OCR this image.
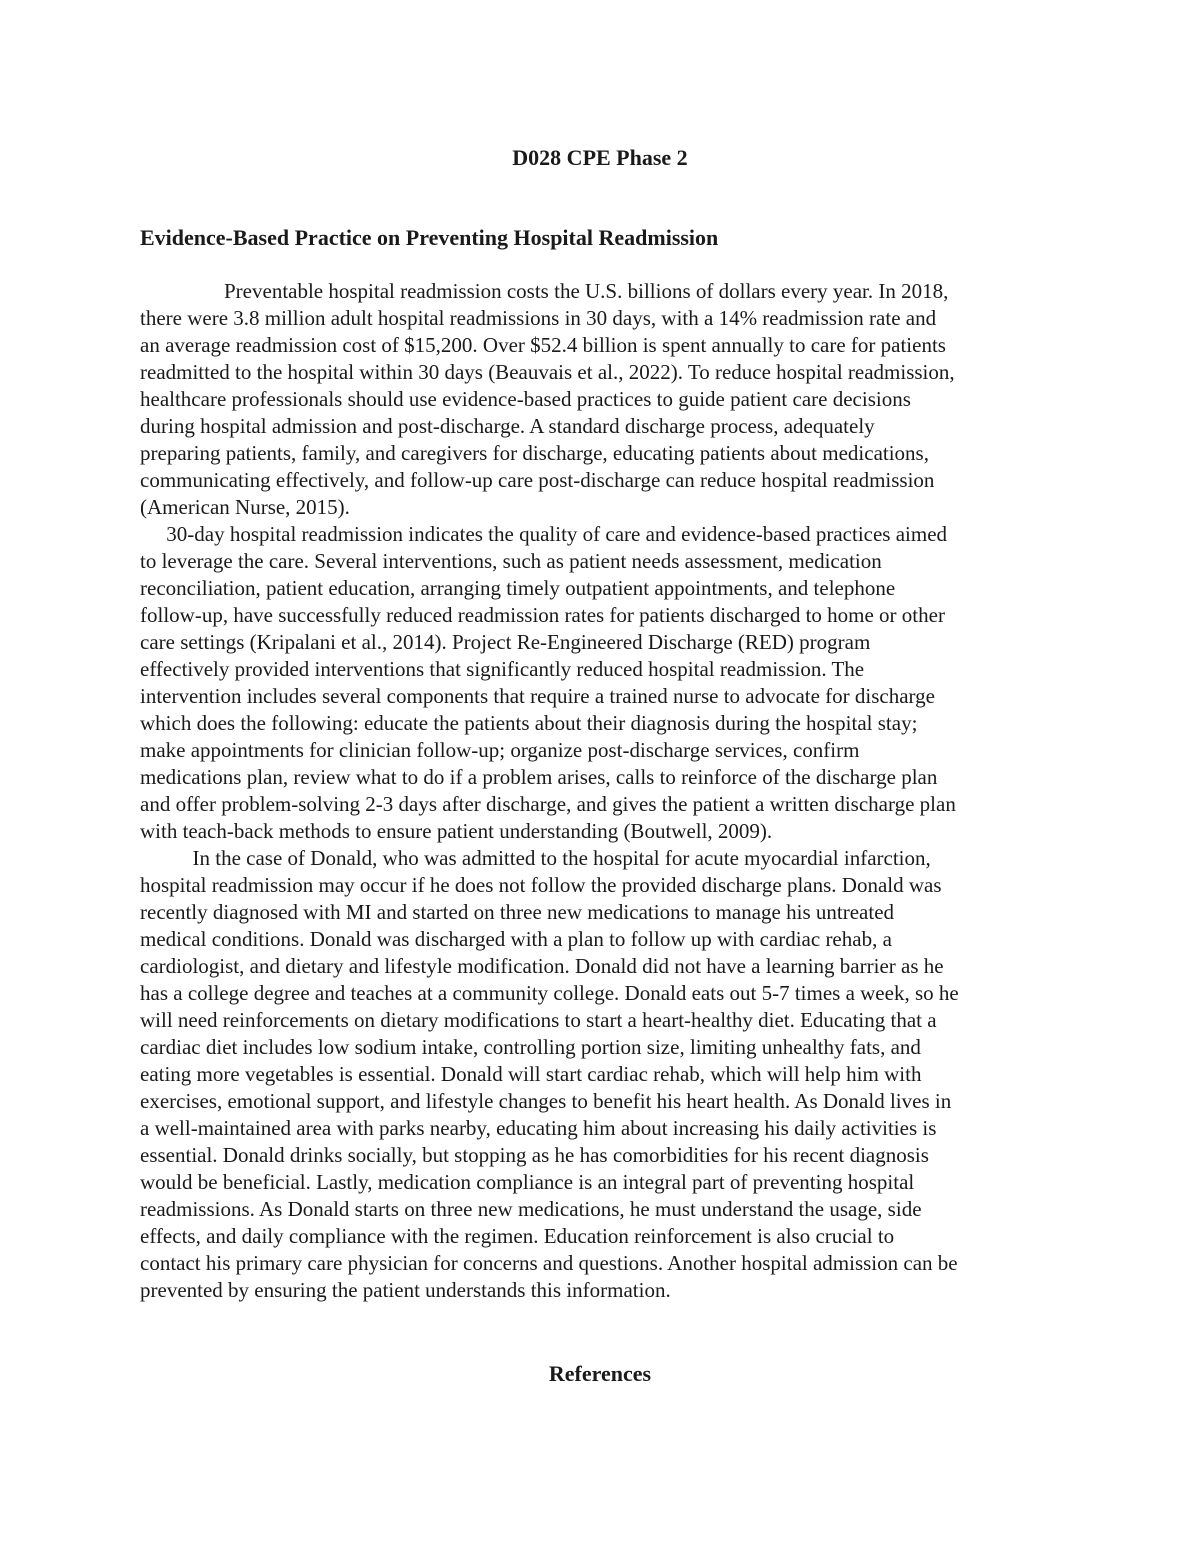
D028 CPE Phase 2
Evidence-Based Practice on Preventing Hospital Readmission
Preventable hospital readmission costs the U.S. billions of dollars every year. In 2018,
there were 3.8 million adult hospital readmissions in 30 days, with a 14% readmission rate and
an average readmission cost of $15,200. Over $52.4 billion is spent annually to care for patients
readmitted to the hospital within 30 days (Beauvais et al., 2022). To reduce hospital readmission,
healthcare professionals should use evidence-based practices to guide patient care decisions
during hospital admission and post-discharge. A standard discharge process, adequately
preparing patients, family, and caregivers for discharge, educating patients about medications,
communicating effectively, and follow-up care post-discharge can reduce hospital readmission
(American Nurse, 2015).
30-day hospital readmission indicates the quality of care and evidence-based practices aimed
to leverage the care. Several interventions, such as patient needs assessment, medication
reconciliation, patient education, arranging timely outpatient appointments, and telephone
follow-up, have successfully reduced readmission rates for patients discharged to home or other
care settings (Kripalani et al., 2014). Project Re-Engineered Discharge (RED) program
effectively provided interventions that significantly reduced hospital readmission. The
intervention includes several components that require a trained nurse to advocate for discharge
which does the following: educate the patients about their diagnosis during the hospital stay;
make appointments for clinician follow-up; organize post-discharge services, confirm
medications plan, review what to do if a problem arises, calls to reinforce of the discharge plan
and offer problem-solving 2-3 days after discharge, and gives the patient a written discharge plan
with teach-back methods to ensure patient understanding (Boutwell, 2009).
In the case of Donald, who was admitted to the hospital for acute myocardial infarction,
hospital readmission may occur if he does not follow the provided discharge plans. Donald was
recently diagnosed with MI and started on three new medications to manage his untreated
medical conditions. Donald was discharged with a plan to follow up with cardiac rehab, a
cardiologist, and dietary and lifestyle modification. Donald did not have a learning barrier as he
has a college degree and teaches at a community college. Donald eats out 5-7 times a week, so he
will need reinforcements on dietary modifications to start a heart-healthy diet. Educating that a
cardiac diet includes low sodium intake, controlling portion size, limiting unhealthy fats, and
eating more vegetables is essential. Donald will start cardiac rehab, which will help him with
exercises, emotional support, and lifestyle changes to benefit his heart health. As Donald lives in
a well-maintained area with parks nearby, educating him about increasing his daily activities is
essential. Donald drinks socially, but stopping as he has comorbidities for his recent diagnosis
would be beneficial. Lastly, medication compliance is an integral part of preventing hospital
readmissions. As Donald starts on three new medications, he must understand the usage, side
effects, and daily compliance with the regimen. Education reinforcement is also crucial to
contact his primary care physician for concerns and questions. Another hospital admission can be
prevented by ensuring the patient understands this information.
References
